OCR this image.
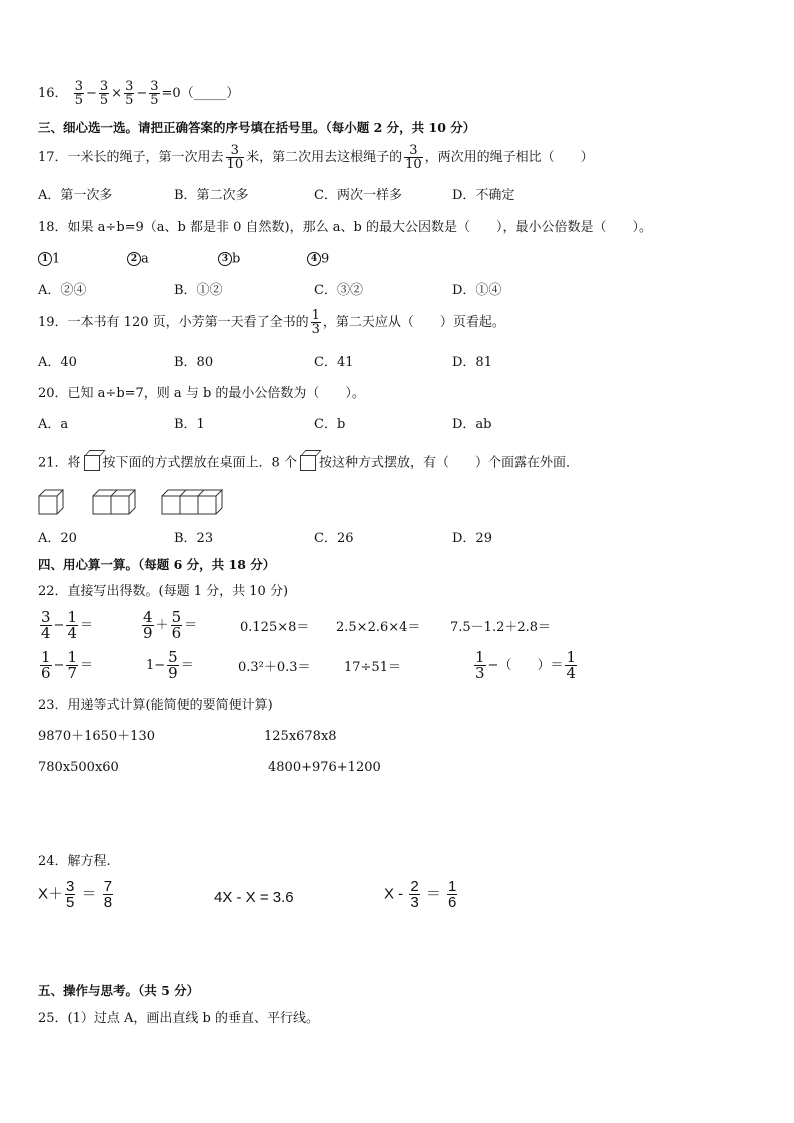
16． $\frac{3}{5} - \frac{3}{5} \times \frac{3}{5} - \frac{3}{5}$ =0（_____）
三、细心选一选。请把正确答案的序号填在括号里。（每小题 2 分，共 10 分）
17．一米长的绳子，第一次用去 $\frac{3}{10}$ 米，第二次用去这根绳子的 $\frac{3}{10}$ ，两次用的绳子相比（　　）
A．第一次多	B．第二次多	C．两次一样多	D．不确定
18．如果 a÷b=9（a、b 都是非 0 自然数)，那么 a、b 的最大公因数是（　　），最小公倍数是（　　）。
1 1	2 a	3 b	4 9
A．②④	B．①②	C．③②	D．①④
19．一本书有 120 页，小芳第一天看了全书的 $\frac{1}{3}$ ，第二天应从（　　）页看起。
A．40	B．80	C．41	D．81
20．已知 a÷b=7，则 a 与 b 的最小公倍数为（　　）。
A．a	B．1	C．b	D．ab
21．将 按下面的方式摆放在桌面上．8 个 按这种方式摆放，有（　　）个面露在外面．
A．20	B．23	C．26	D．29
四、用心算一算。（每题 6 分，共 18 分）
22．直接写出得数。(每题 1 分，共 10 分)
$\frac{3}{4} - \frac{1}{4}$ ＝	$\frac{4}{9} + \frac{5}{6}$ ＝	0.125×8＝ 2.5×2.6×4＝ 7.5－1.2＋2.8＝
$\frac{1}{6} - \frac{1}{7}$ ＝	$1- \frac{5}{9}$ ＝	0.3²＋0.3＝	17÷51＝	$\frac{1}{3}$ −（　　）＝ $\frac{1}{4}$
23．用递等式计算(能简便的要简便计算)
9870＋1650＋130	125x678x8
780x500x60	4800+976+1200
24．解方程.
$X+ \frac{3}{5} = \frac{7}{8}$	4X - X = 3.6	$X - \frac{2}{3} = \frac{1}{6}$
五、操作与思考。（共 5 分）
25．(1）过点 A，画出直线 b 的垂直、平行线。
